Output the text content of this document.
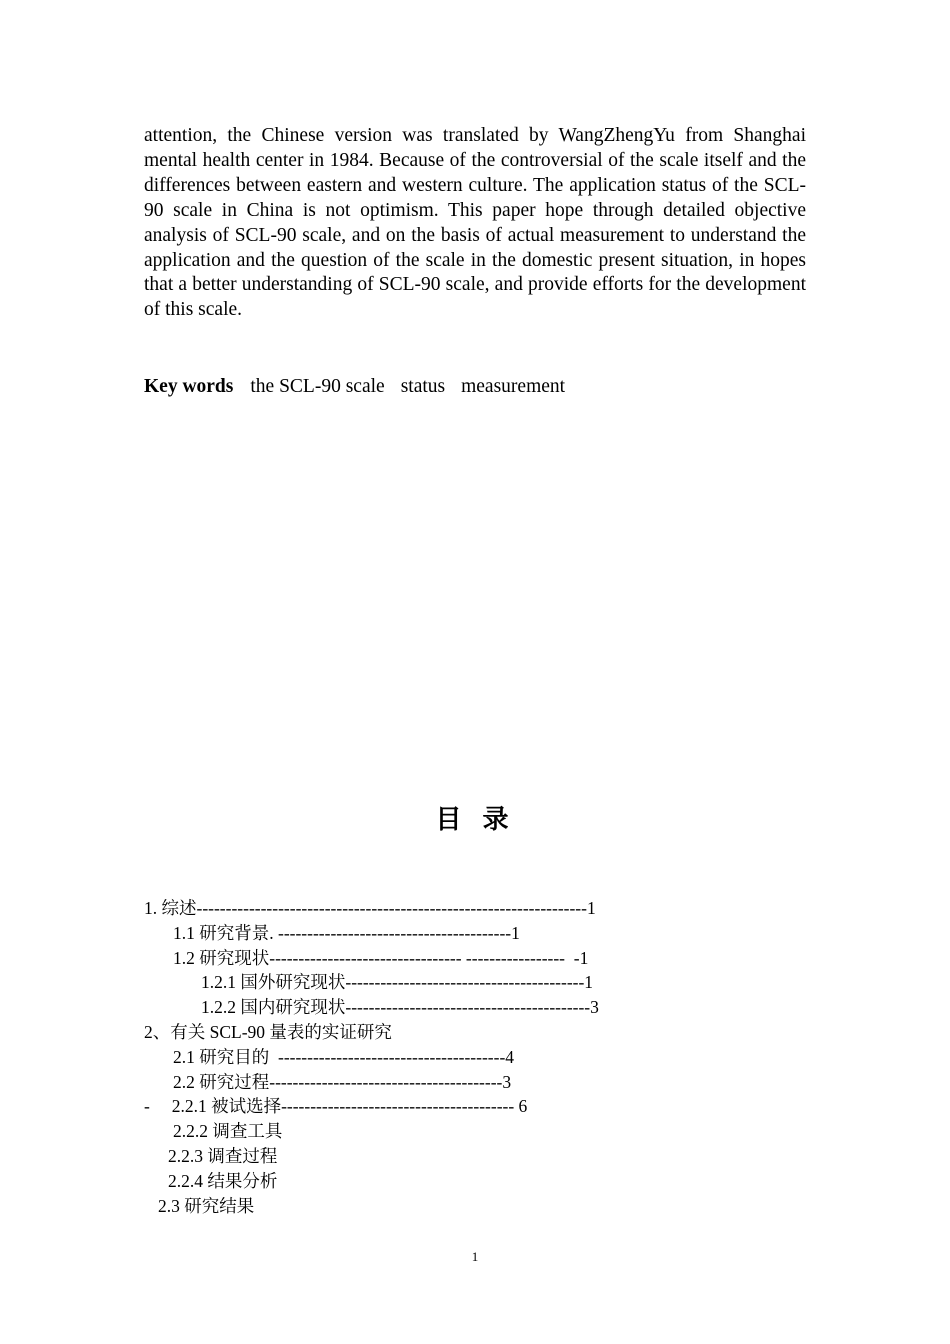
attention, the Chinese version was translated by WangZhengYu from Shanghai mental health center in 1984. Because of the controversial of the scale itself and the differences between eastern and western culture. The application status of the SCL-90 scale in China is not optimism. This paper hope through detailed objective analysis of SCL-90 scale, and on the basis of actual measurement to understand the application and the question of the scale in the domestic present situation, in hopes that a better understanding of SCL-90 scale, and provide efforts for the development of this scale.

Key words the SCL-90 scale status measurement

目 录
1. 综述-------------------------------------------------------------------1
1.1 研究背景. ----------------------------------------1
1.2 研究现状--------------------------------- -----------------  -1
1.2.1 国外研究现状-----------------------------------------1
1.2.2 国内研究现状------------------------------------------3
2、有关 SCL-90 量表的实证研究
2.1 研究目的  ---------------------------------------4
2.2 研究过程----------------------------------------3
-     2.2.1 被试选择---------------------------------------- 6
2.2.2 调查工具
2.2.3 调查过程
2.2.4 结果分析
2.3 研究结果
1
